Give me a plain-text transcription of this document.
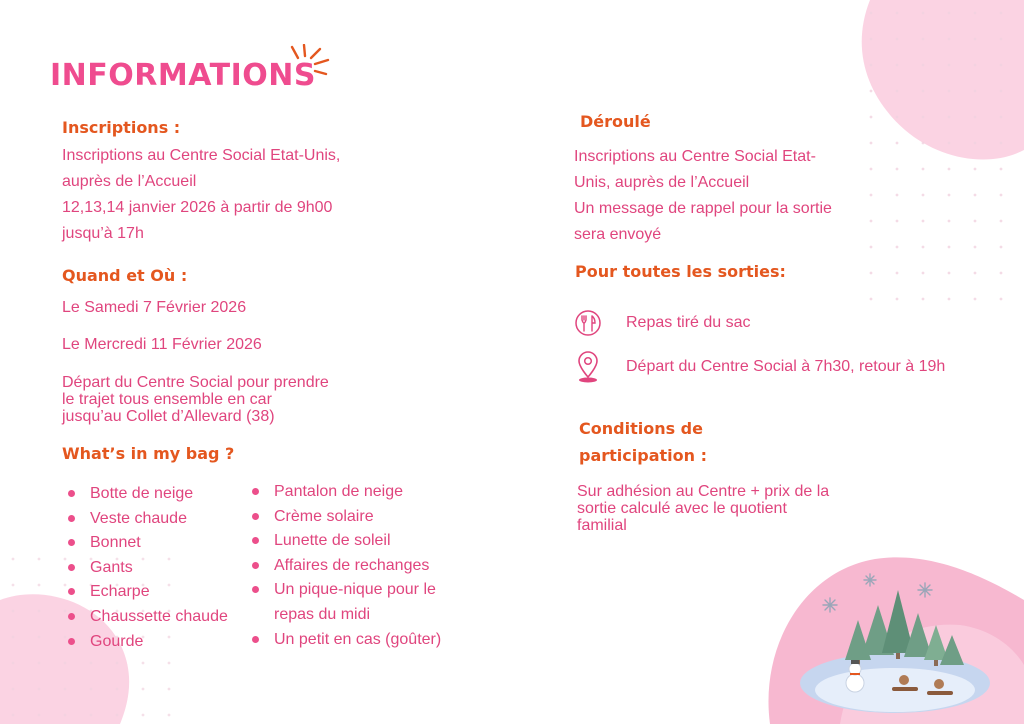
INFORMATIONS
Inscriptions :

Inscriptions au Centre Social Etat-Unis,

auprès de l’Accueil

12,13,14 janvier 2026 à partir de 9h00

jusqu’à 17h

Quand et Où :
Le Samedi 7 Février 2026
Le Mercredi 11 Février 2026

Départ du Centre Social pour prendre

le trajet tous ensemble en car

jusqu’au Collet d’Allevard (38)

What’s in my bag ?
Botte de neige
Veste chaude
Bonnet
Gants
Echarpe
Chaussette chaude
Gourde
Pantalon de neige
Crème solaire
Lunette de soleil
Affaires de rechanges
Un pique-nique pour le
repas du midi
Un petit en cas (goûter)
Déroulé

Inscriptions au Centre Social Etat-

Unis, auprès de l’Accueil

Un message de rappel pour la sortie

sera envoyé

Pour toutes les sorties:
Repas tiré du sac
Départ du Centre Social à 7h30, retour à 19h
Conditions de
participation :

Sur adhésion au Centre + prix de la

sortie calculé avec le quotient

familial
